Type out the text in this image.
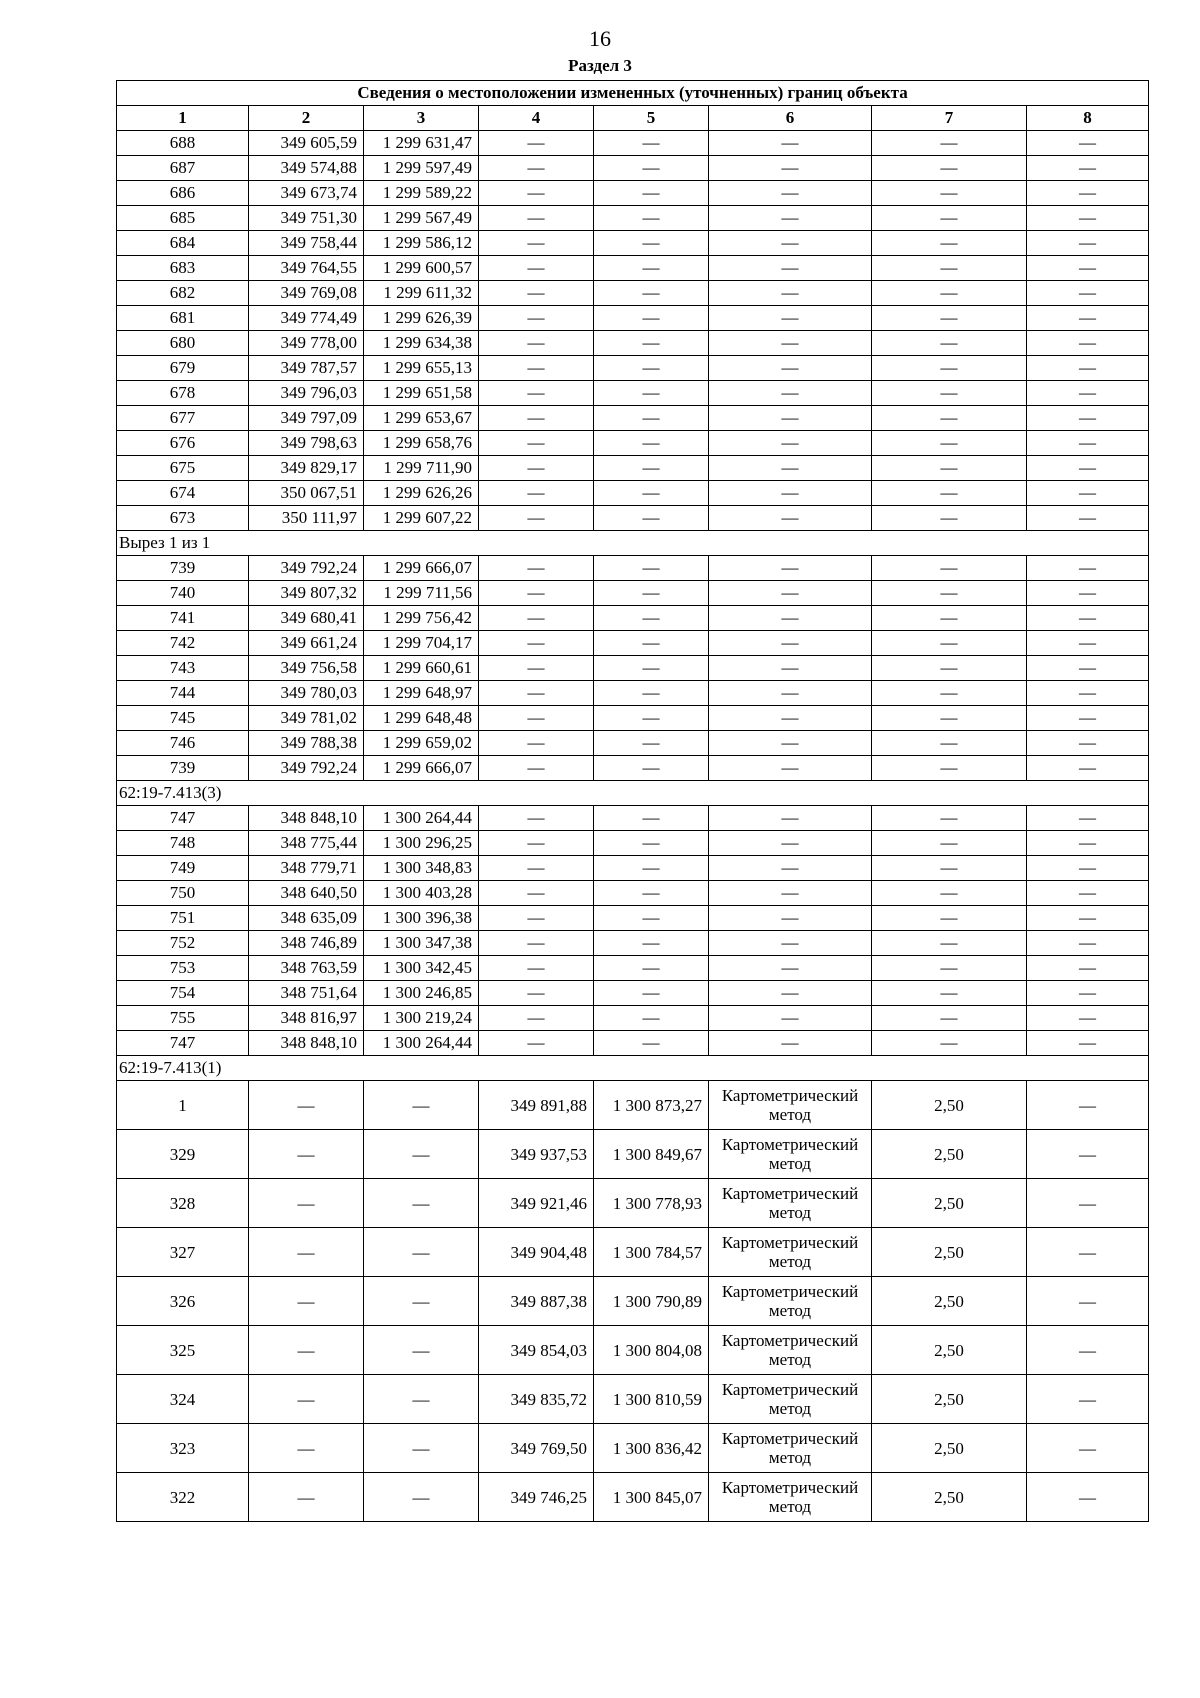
16
Раздел 3
Сведения о местоположении измененных (уточненных) границ объекта							
1	2	3	4	5	6	7	8
688	349 605,59	1 299 631,47	—	—	—	—	—
687	349 574,88	1 299 597,49	—	—	—	—	—
686	349 673,74	1 299 589,22	—	—	—	—	—
685	349 751,30	1 299 567,49	—	—	—	—	—
684	349 758,44	1 299 586,12	—	—	—	—	—
683	349 764,55	1 299 600,57	—	—	—	—	—
682	349 769,08	1 299 611,32	—	—	—	—	—
681	349 774,49	1 299 626,39	—	—	—	—	—
680	349 778,00	1 299 634,38	—	—	—	—	—
679	349 787,57	1 299 655,13	—	—	—	—	—
678	349 796,03	1 299 651,58	—	—	—	—	—
677	349 797,09	1 299 653,67	—	—	—	—	—
676	349 798,63	1 299 658,76	—	—	—	—	—
675	349 829,17	1 299 711,90	—	—	—	—	—
674	350 067,51	1 299 626,26	—	—	—	—	—
673	350 111,97	1 299 607,22	—	—	—	—	—
Вырез 1 из 1							
739	349 792,24	1 299 666,07	—	—	—	—	—
740	349 807,32	1 299 711,56	—	—	—	—	—
741	349 680,41	1 299 756,42	—	—	—	—	—
742	349 661,24	1 299 704,17	—	—	—	—	—
743	349 756,58	1 299 660,61	—	—	—	—	—
744	349 780,03	1 299 648,97	—	—	—	—	—
745	349 781,02	1 299 648,48	—	—	—	—	—
746	349 788,38	1 299 659,02	—	—	—	—	—
739	349 792,24	1 299 666,07	—	—	—	—	—
62:19-7.413(3)							
747	348 848,10	1 300 264,44	—	—	—	—	—
748	348 775,44	1 300 296,25	—	—	—	—	—
749	348 779,71	1 300 348,83	—	—	—	—	—
750	348 640,50	1 300 403,28	—	—	—	—	—
751	348 635,09	1 300 396,38	—	—	—	—	—
752	348 746,89	1 300 347,38	—	—	—	—	—
753	348 763,59	1 300 342,45	—	—	—	—	—
754	348 751,64	1 300 246,85	—	—	—	—	—
755	348 816,97	1 300 219,24	—	—	—	—	—
747	348 848,10	1 300 264,44	—	—	—	—	—
62:19-7.413(1)							
1	—	—	349 891,88	1 300 873,27	Картометрический метод	2,50	—
329	—	—	349 937,53	1 300 849,67	Картометрический метод	2,50	—
328	—	—	349 921,46	1 300 778,93	Картометрический метод	2,50	—
327	—	—	349 904,48	1 300 784,57	Картометрический метод	2,50	—
326	—	—	349 887,38	1 300 790,89	Картометрический метод	2,50	—
325	—	—	349 854,03	1 300 804,08	Картометрический метод	2,50	—
324	—	—	349 835,72	1 300 810,59	Картометрический метод	2,50	—
323	—	—	349 769,50	1 300 836,42	Картометрический метод	2,50	—
322	—	—	349 746,25	1 300 845,07	Картометрический метод	2,50	—
